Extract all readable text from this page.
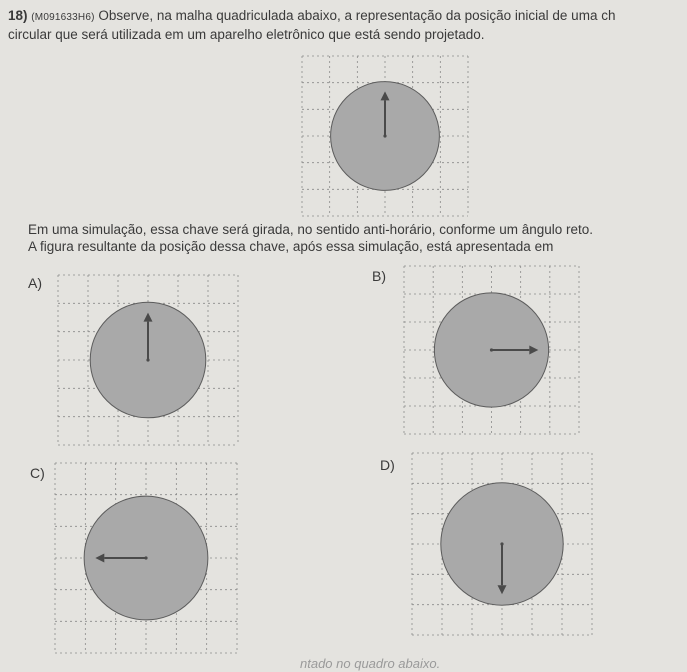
18) (M091633H6) Observe, na malha quadriculada abaixo, a representação da posição inicial de uma ch
circular que será utilizada em um aparelho eletrônico que está sendo projetado.
Em uma simulação, essa chave será girada, no sentido anti-horário, conforme um ângulo reto.
A figura resultante da posição dessa chave, após essa simulação, está apresentada em
A)	B)
C)	D)
ntado no quadro abaixo.
